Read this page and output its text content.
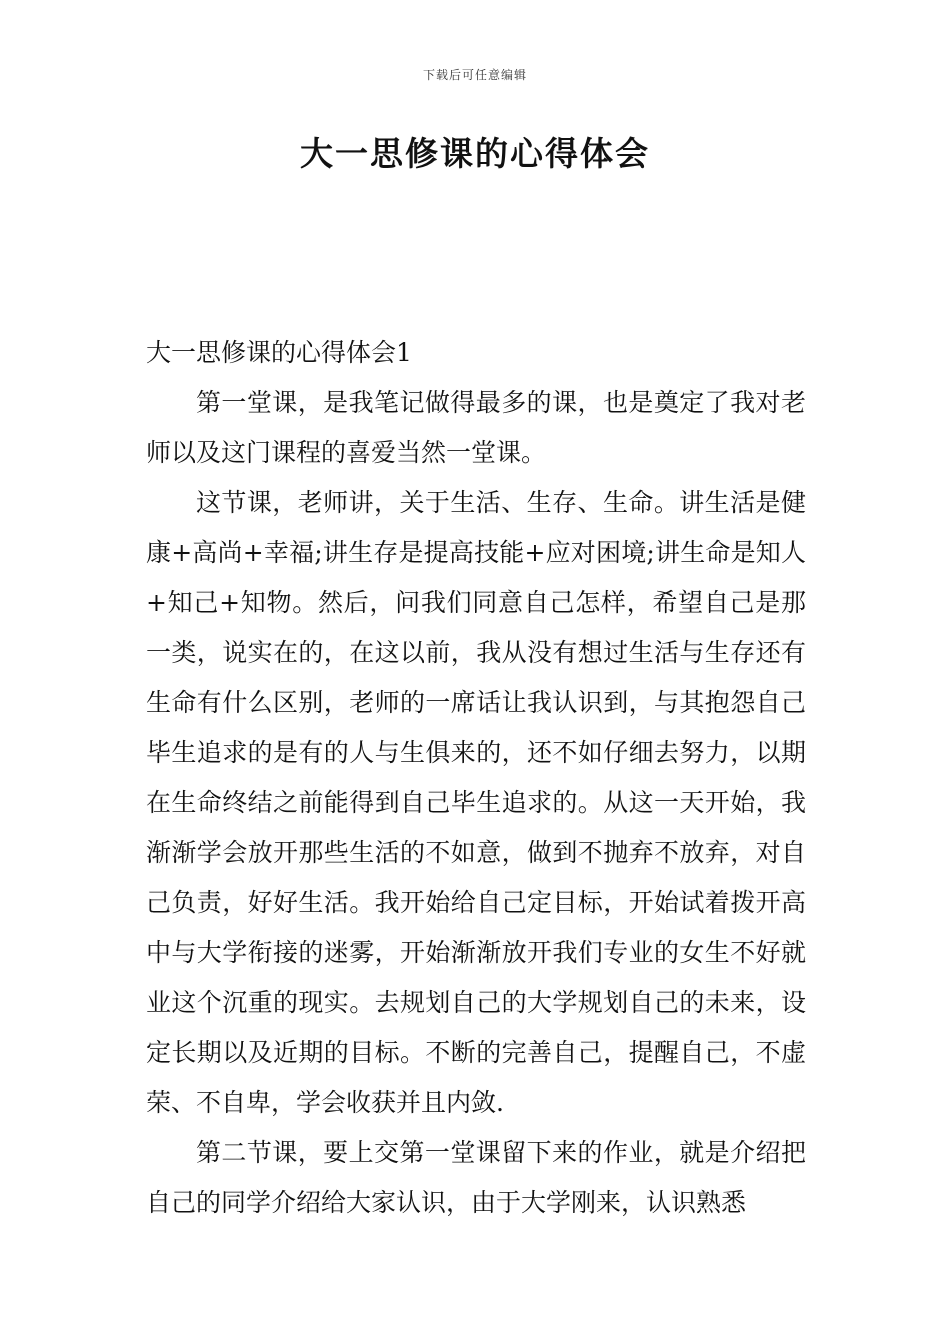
下载后可任意编辑
大一思修课的心得体会

大一思修课的心得体会1

第一堂课，是我笔记做得最多的课，也是奠定了我对老师以及这门课程的喜爱当然一堂课。

这节课，老师讲，关于生活、生存、生命。讲生活是健康+高尚+幸福;讲生存是提高技能+应对困境;讲生命是知人+知己+知物。然后，问我们同意自己怎样，希望自己是那一类，说实在的，在这以前，我从没有想过生活与生存还有生命有什么区别，老师的一席话让我认识到，与其抱怨自己毕生追求的是有的人与生俱来的，还不如仔细去努力，以期在生命终结之前能得到自己毕生追求的。从这一天开始，我渐渐学会放开那些生活的不如意，做到不抛弃不放弃，对自己负责，好好生活。我开始给自己定目标，开始试着拨开高中与大学衔接的迷雾，开始渐渐放开我们专业的女生不好就业这个沉重的现实。去规划自己的大学规划自己的未来，设定长期以及近期的目标。不断的完善自己，提醒自己，不虚荣、不自卑，学会收获并且内敛.

第二节课，要上交第一堂课留下来的作业，就是介绍把自己的同学介绍给大家认识，由于大学刚来，认识熟悉
